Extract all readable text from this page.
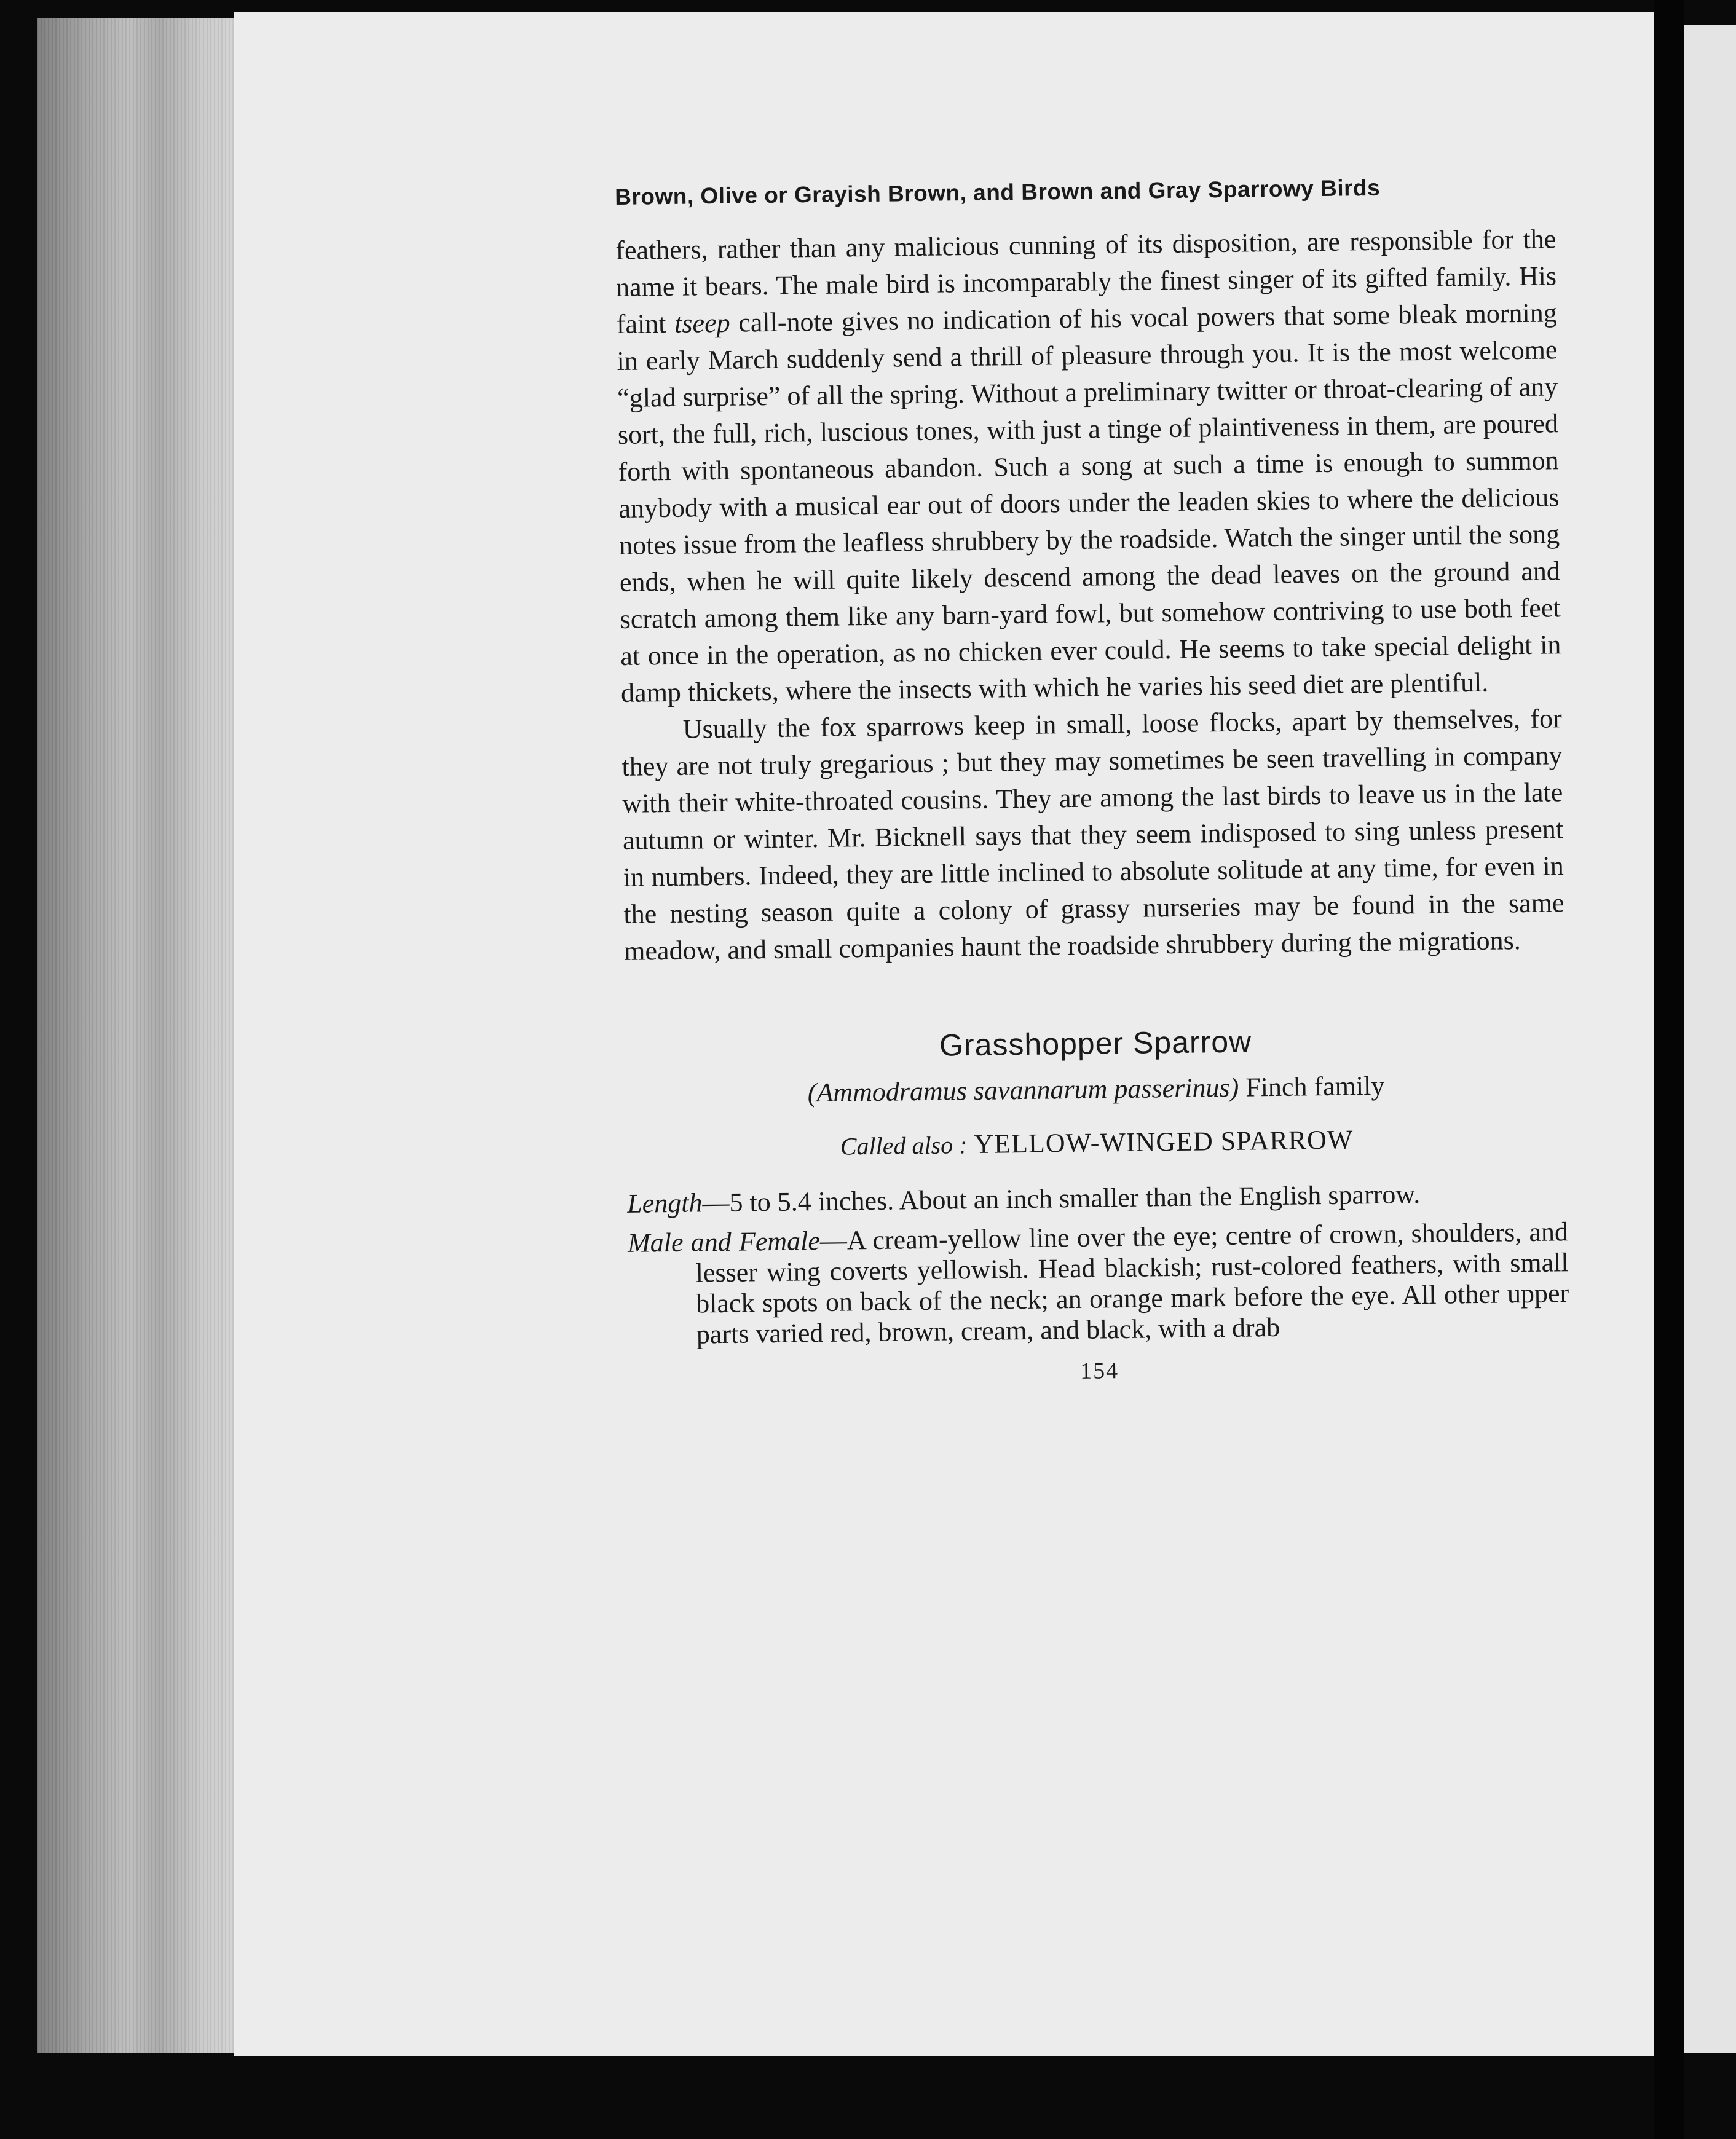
Brown, Olive or Grayish Brown, and Brown and Gray Sparrowy Birds

feathers, rather than any malicious cunning of its disposition, are responsible for the name it bears. The male bird is incomparably the finest singer of its gifted family. His faint tseep call-note gives no indication of his vocal powers that some bleak morning in early March suddenly send a thrill of pleasure through you. It is the most welcome “glad surprise” of all the spring. Without a preliminary twitter or throat-clearing of any sort, the full, rich, luscious tones, with just a tinge of plaintiveness in them, are poured forth with spontaneous abandon. Such a song at such a time is enough to summon anybody with a musical ear out of doors under the leaden skies to where the delicious notes issue from the leafless shrubbery by the roadside. Watch the singer until the song ends, when he will quite likely descend among the dead leaves on the ground and scratch among them like any barn-yard fowl, but somehow contriving to use both feet at once in the operation, as no chicken ever could. He seems to take special delight in damp thickets, where the insects with which he varies his seed diet are plentiful.

Usually the fox sparrows keep in small, loose flocks, apart by themselves, for they are not truly gregarious ; but they may sometimes be seen travelling in company with their white-throated cousins. They are among the last birds to leave us in the late autumn or winter. Mr. Bicknell says that they seem indisposed to sing unless present in numbers. Indeed, they are little inclined to absolute solitude at any time, for even in the nesting season quite a colony of grassy nurseries may be found in the same meadow, and small companies haunt the roadside shrubbery during the migrations.

Grasshopper Sparrow
(Ammodramus savannarum passerinus) Finch family
Called also : YELLOW-WINGED SPARROW

Length—5 to 5.4 inches. About an inch smaller than the English sparrow.

Male and Female—A cream-yellow line over the eye; centre of crown, shoulders, and lesser wing coverts yellowish. Head blackish; rust-colored feathers, with small black spots on back of the neck; an orange mark before the eye. All other upper parts varied red, brown, cream, and black, with a drab

154
